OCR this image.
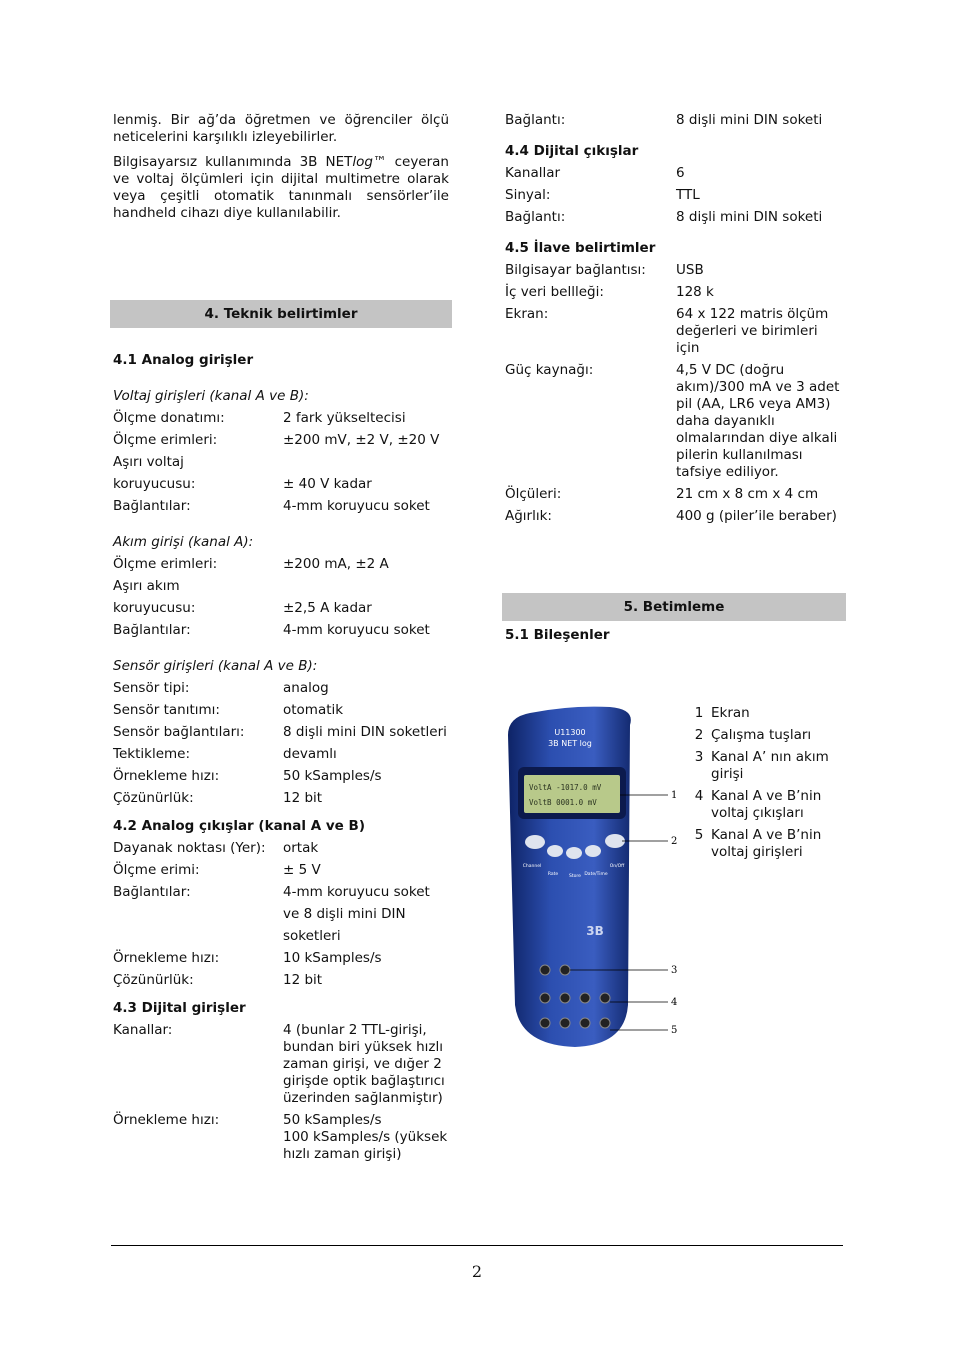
lenmiş. Bir ağ’da öğretmen ve öğrenciler ölçü neticelerini karşılıklı izleyebilirler.

Bilgisayarsız kullanımında 3B NETlog™ ceyeran ve voltaj ölçümleri için dijital multimetre olarak veya çeşitli otomatik tanınmalı sensörler’ile handheld cihazı diye kullanılabilir.

4. Teknik belirtimler
4.1 Analog girişler
Voltaj girişleri (kanal A ve B):
Ölçme donatımı:	2 fark yükseltecisi
Ölçme erimleri:	±200 mV, ±2 V, ±20 V
Aşırı voltaj
koruyucusu:	± 40 V kadar
Bağlantılar:	4-mm koruyucu soket
Akım girişi (kanal A):
Ölçme erimleri:	±200 mA, ±2 A
Aşırı akım
koruyucusu:	±2,5 A kadar
Bağlantılar:	4-mm koruyucu soket
Sensör girişleri (kanal A ve B):
Sensör tipi:	analog
Sensör tanıtımı:	otomatik
Sensör bağlantıları:	8 dişli mini DIN soketleri
Tektikleme:	devamlı
Örnekleme hızı:	50 kSamples/s
Çözünürlük:	12 bit
4.2 Analog çıkışlar (kanal A ve B)
Dayanak noktası (Yer):	ortak
Ölçme erimi:	± 5 V
Bağlantılar:	4-mm koruyucu soket
ve 8 dişli mini DIN
soketleri
Örnekleme hızı:	10 kSamples/s
Çözünürlük:	12 bit
4.3 Dijital girişler
Kanallar:	4 (bunlar 2 TTL-girişi, bundan biri yüksek hızlı zaman girişi, ve dığer 2 girişde optik bağlaştırıcı üzerinden sağlanmiştır)
Örnekleme hızı:	50 kSamples/s
100 kSamples/s (yüksek hızlı zaman girişi)
Bağlantı:	8 dişli mini DIN soketi
4.4 Dijital çıkışlar
Kanallar	6
Sinyal:	TTL
Bağlantı:	8 dişli mini DIN soketi
4.5 İlave belirtimler
Bilgisayar bağlantısı:	USB
İç veri bellleği:	128 k
Ekran:	64 x 122 matris ölçüm değerleri ve birimleri için
Güç kaynağı:	4,5 V DC (doğru akım)/300 mA ve 3 adet pil (AA, LR6 veya AM3) daha dayanıklı olmalarından diye alkali pilerin kullanılması tafsiye ediliyor.
Ölçüleri:	21 cm x 8 cm x 4 cm
Ağırlık:	400 g (piler’ile beraber)
5. Betimleme
5.1 Bileşenler
U11300
3B NET log
VoltA -1017.0 mV
VoltB 0001.0 mV
Channel
Rate Store Date/Time
On/Off
3B
1
2
3
4
5
1 Ekran
2 Çalışma tuşları
3 Kanal A’ nın akım girişi
4 Kanal A ve B’nin voltaj çıkışları
5 Kanal A ve B’nin voltaj girişleri
2
